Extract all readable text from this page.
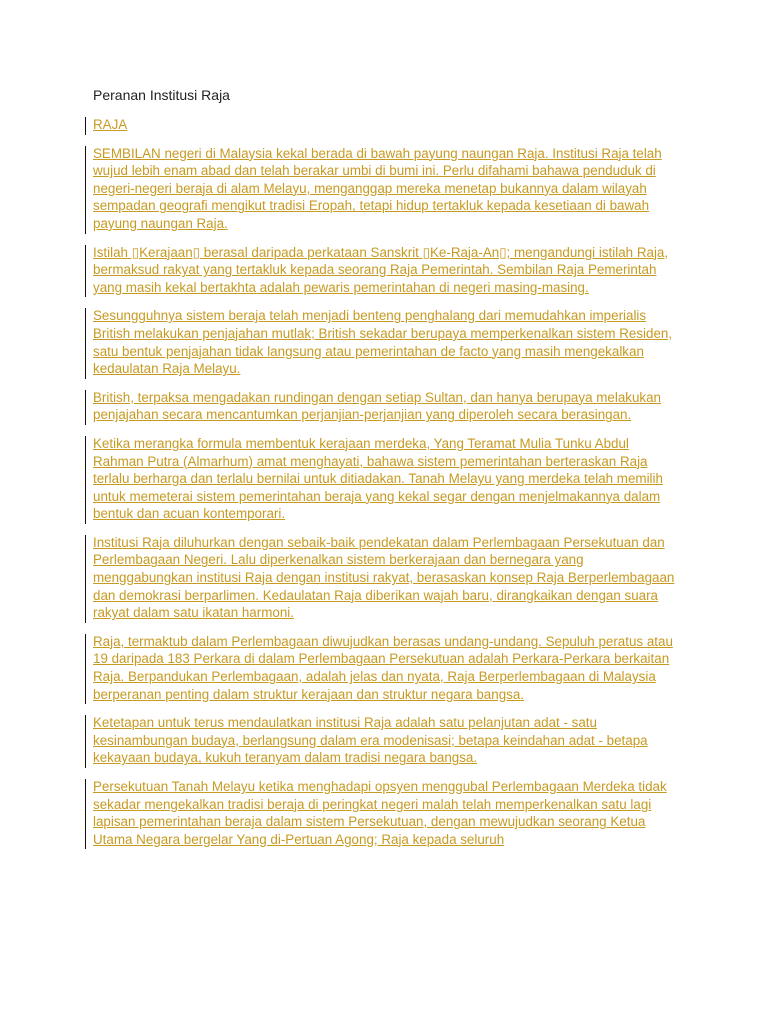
Peranan Institusi Raja

RAJA

SEMBILAN negeri di Malaysia kekal berada di bawah payung naungan Raja. Institusi Raja telah wujud lebih enam abad dan telah berakar umbi di bumi ini. Perlu difahami bahawa penduduk di negeri-negeri beraja di alam Melayu, menganggap mereka menetap bukannya dalam wilayah sempadan geografi mengikut tradisi Eropah, tetapi hidup tertakluk kepada kesetiaan di bawah payung naungan Raja.

Istilah ▯Kerajaan▯ berasal daripada perkataan Sanskrit ▯Ke-Raja-An▯; mengandungi istilah Raja, bermaksud rakyat yang tertakluk kepada seorang Raja Pemerintah. Sembilan Raja Pemerintah yang masih kekal bertakhta adalah pewaris pemerintahan di negeri masing-masing.

Sesungguhnya sistem beraja telah menjadi benteng penghalang dari memudahkan imperialis British melakukan penjajahan mutlak; British sekadar berupaya memperkenalkan sistem Residen, satu bentuk penjajahan tidak langsung atau pemerintahan de facto yang masih mengekalkan kedaulatan Raja Melayu.

British, terpaksa mengadakan rundingan dengan setiap Sultan, dan hanya berupaya melakukan penjajahan secara mencantumkan perjanjian-perjanjian yang diperoleh secara berasingan.

Ketika merangka formula membentuk kerajaan merdeka, Yang Teramat Mulia Tunku Abdul Rahman Putra (Almarhum) amat menghayati, bahawa sistem pemerintahan berteraskan Raja terlalu berharga dan terlalu bernilai untuk ditiadakan. Tanah Melayu yang merdeka telah memilih untuk memeterai sistem pemerintahan beraja yang kekal segar dengan menjelmakannya dalam bentuk dan acuan kontemporari.

Institusi Raja diluhurkan dengan sebaik-baik pendekatan dalam Perlembagaan Persekutuan dan Perlembagaan Negeri. Lalu diperkenalkan sistem berkerajaan dan bernegara yang menggabungkan institusi Raja dengan institusi rakyat, berasaskan konsep Raja Berperlembagaan dan demokrasi berparlimen. Kedaulatan Raja diberikan wajah baru, dirangkaikan dengan suara rakyat dalam satu ikatan harmoni.

Raja, termaktub dalam Perlembagaan diwujudkan berasas undang-undang. Sepuluh peratus atau 19 daripada 183 Perkara di dalam Perlembagaan Persekutuan adalah Perkara-Perkara berkaitan Raja. Berpandukan Perlembagaan, adalah jelas dan nyata, Raja Berperlembagaan di Malaysia berperanan penting dalam struktur kerajaan dan struktur negara bangsa.

Ketetapan untuk terus mendaulatkan institusi Raja adalah satu pelanjutan adat - satu kesinambungan budaya, berlangsung dalam era modenisasi; betapa keindahan adat - betapa kekayaan budaya, kukuh teranyam dalam tradisi negara bangsa.

Persekutuan Tanah Melayu ketika menghadapi opsyen menggubal Perlembagaan Merdeka tidak sekadar mengekalkan tradisi beraja di peringkat negeri malah telah memperkenalkan satu lagi lapisan pemerintahan beraja dalam sistem Persekutuan, dengan mewujudkan seorang Ketua Utama Negara bergelar Yang di-Pertuan Agong; Raja kepada seluruh
